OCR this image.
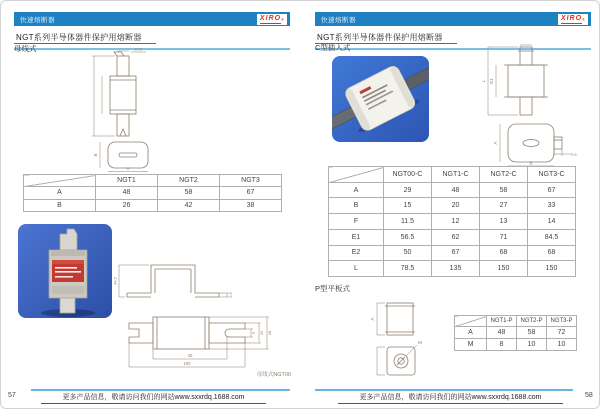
快速熔断器	XIRO ®
NGT系列半导体器件保护用熔断器
母线式	10.5
B
A
	NGT1	NGT2	NGT3
A	48	58	67
B	26	42	38
44.5
2.5
40
100
9 20 28
母线式NGT00
更多产品信息，敬请访问我们的网站www.sxxrdq.1688.com
57
快速熔断器	XIRO ®
NGT系列半导体器件保护用熔断器
C型插入式
L E1
A
B
2.5
	NGT00-C	NGT1-C	NGT2-C	NGT3-C
A	29	48	58	67
B	15	20	27	33
F	11.5	12	13	14
E1	56.5	62	71	84.5
E2	50	67	68	68
L	78.5	135	150	150
P型平板式
A
M
	NGT1-P	NGT2-P	NGT3-P
A	48	58	72
M	8	10	10
更多产品信息，敬请访问我们的网站www.sxxrdq.1688.com	58
